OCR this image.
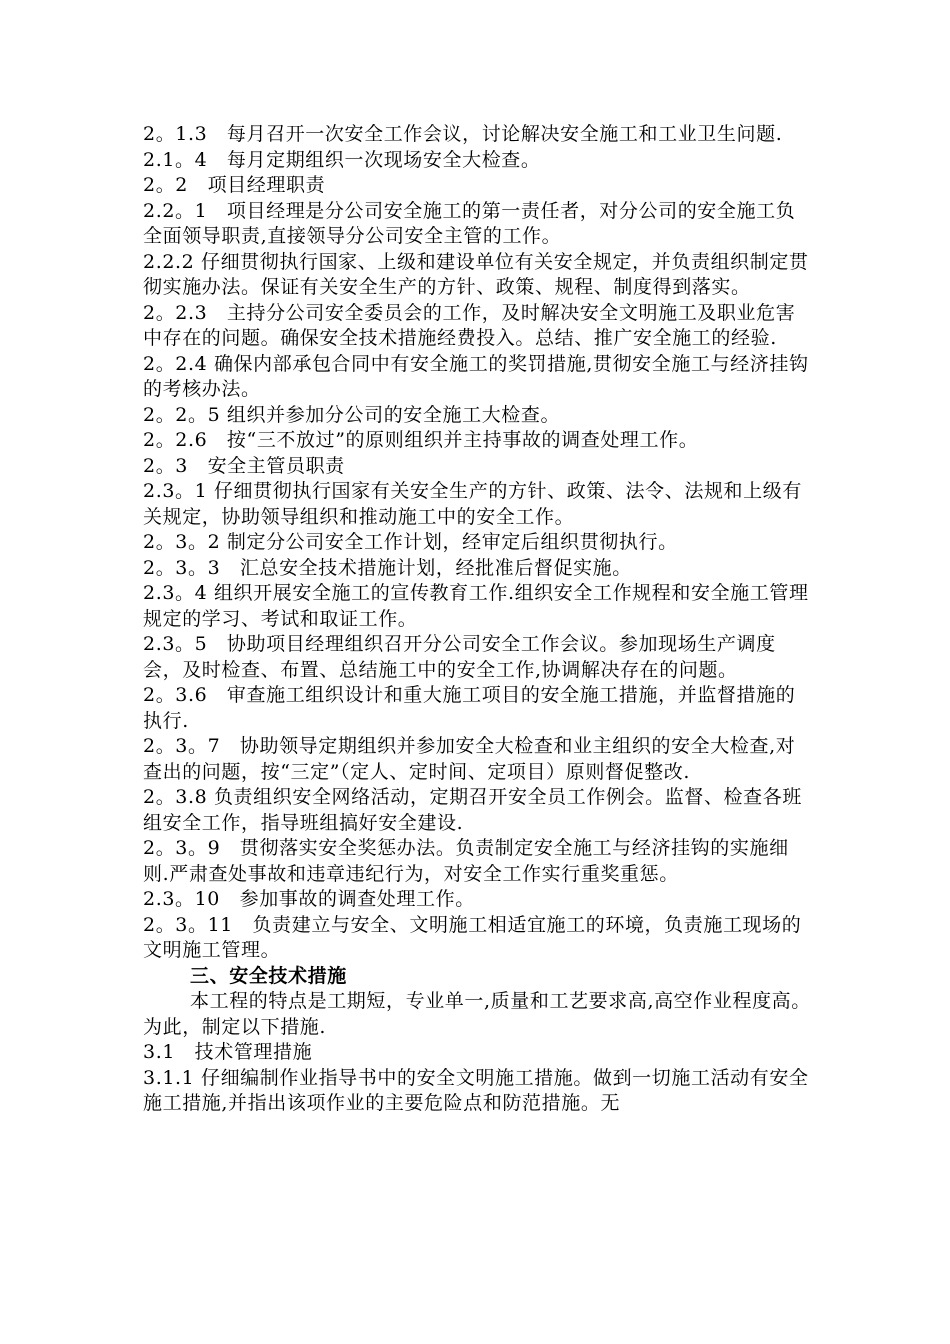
2。1.3　每月召开一次安全工作会议，讨论解决安全施工和工业卫生问题.

2.1。4　每月定期组织一次现场安全大检查。

2。2　项目经理职责

2.2。1　项目经理是分公司安全施工的第一责任者，对分公司的安全施工负全面领导职责,直接领导分公司安全主管的工作。

2.2.2 仔细贯彻执行国家、上级和建设单位有关安全规定，并负责组织制定贯彻实施办法。保证有关安全生产的方针、政策、规程、制度得到落实。

2。2.3　主持分公司安全委员会的工作，及时解决安全文明施工及职业危害中存在的问题。确保安全技术措施经费投入。总结、推广安全施工的经验.

2。2.4 确保内部承包合同中有安全施工的奖罚措施,贯彻安全施工与经济挂钩的考核办法。

2。2。5 组织并参加分公司的安全施工大检查。

2。2.6　按“三不放过”的原则组织并主持事故的调查处理工作。

2。3　安全主管员职责

2.3。1 仔细贯彻执行国家有关安全生产的方针、政策、法令、法规和上级有关规定，协助领导组织和推动施工中的安全工作。

2。3。2 制定分公司安全工作计划，经审定后组织贯彻执行。

2。3。3　汇总安全技术措施计划，经批准后督促实施。

2.3。4 组织开展安全施工的宣传教育工作.组织安全工作规程和安全施工管理规定的学习、考试和取证工作。

2.3。5　协助项目经理组织召开分公司安全工作会议。参加现场生产调度会，及时检查、布置、总结施工中的安全工作,协调解决存在的问题。

2。3.6　审查施工组织设计和重大施工项目的安全施工措施，并监督措施的执行.

2。3。7　协助领导定期组织并参加安全大检查和业主组织的安全大检查,对查出的问题，按“三定”（定人、定时间、定项目）原则督促整改.

2。3.8 负责组织安全网络活动，定期召开安全员工作例会。监督、检查各班组安全工作，指导班组搞好安全建设.

2。3。9　贯彻落实安全奖惩办法。负责制定安全施工与经济挂钩的实施细则.严肃查处事故和违章违纪行为，对安全工作实行重奖重惩。

2.3。10　参加事故的调查处理工作。

2。3。11　负责建立与安全、文明施工相适宜施工的环境，负责施工现场的文明施工管理。

三、安全技术措施

本工程的特点是工期短，专业单一,质量和工艺要求高,高空作业程度高。为此，制定以下措施.

3.1　技术管理措施

3.1.1 仔细编制作业指导书中的安全文明施工措施。做到一切施工活动有安全施工措施,并指出该项作业的主要危险点和防范措施。无
